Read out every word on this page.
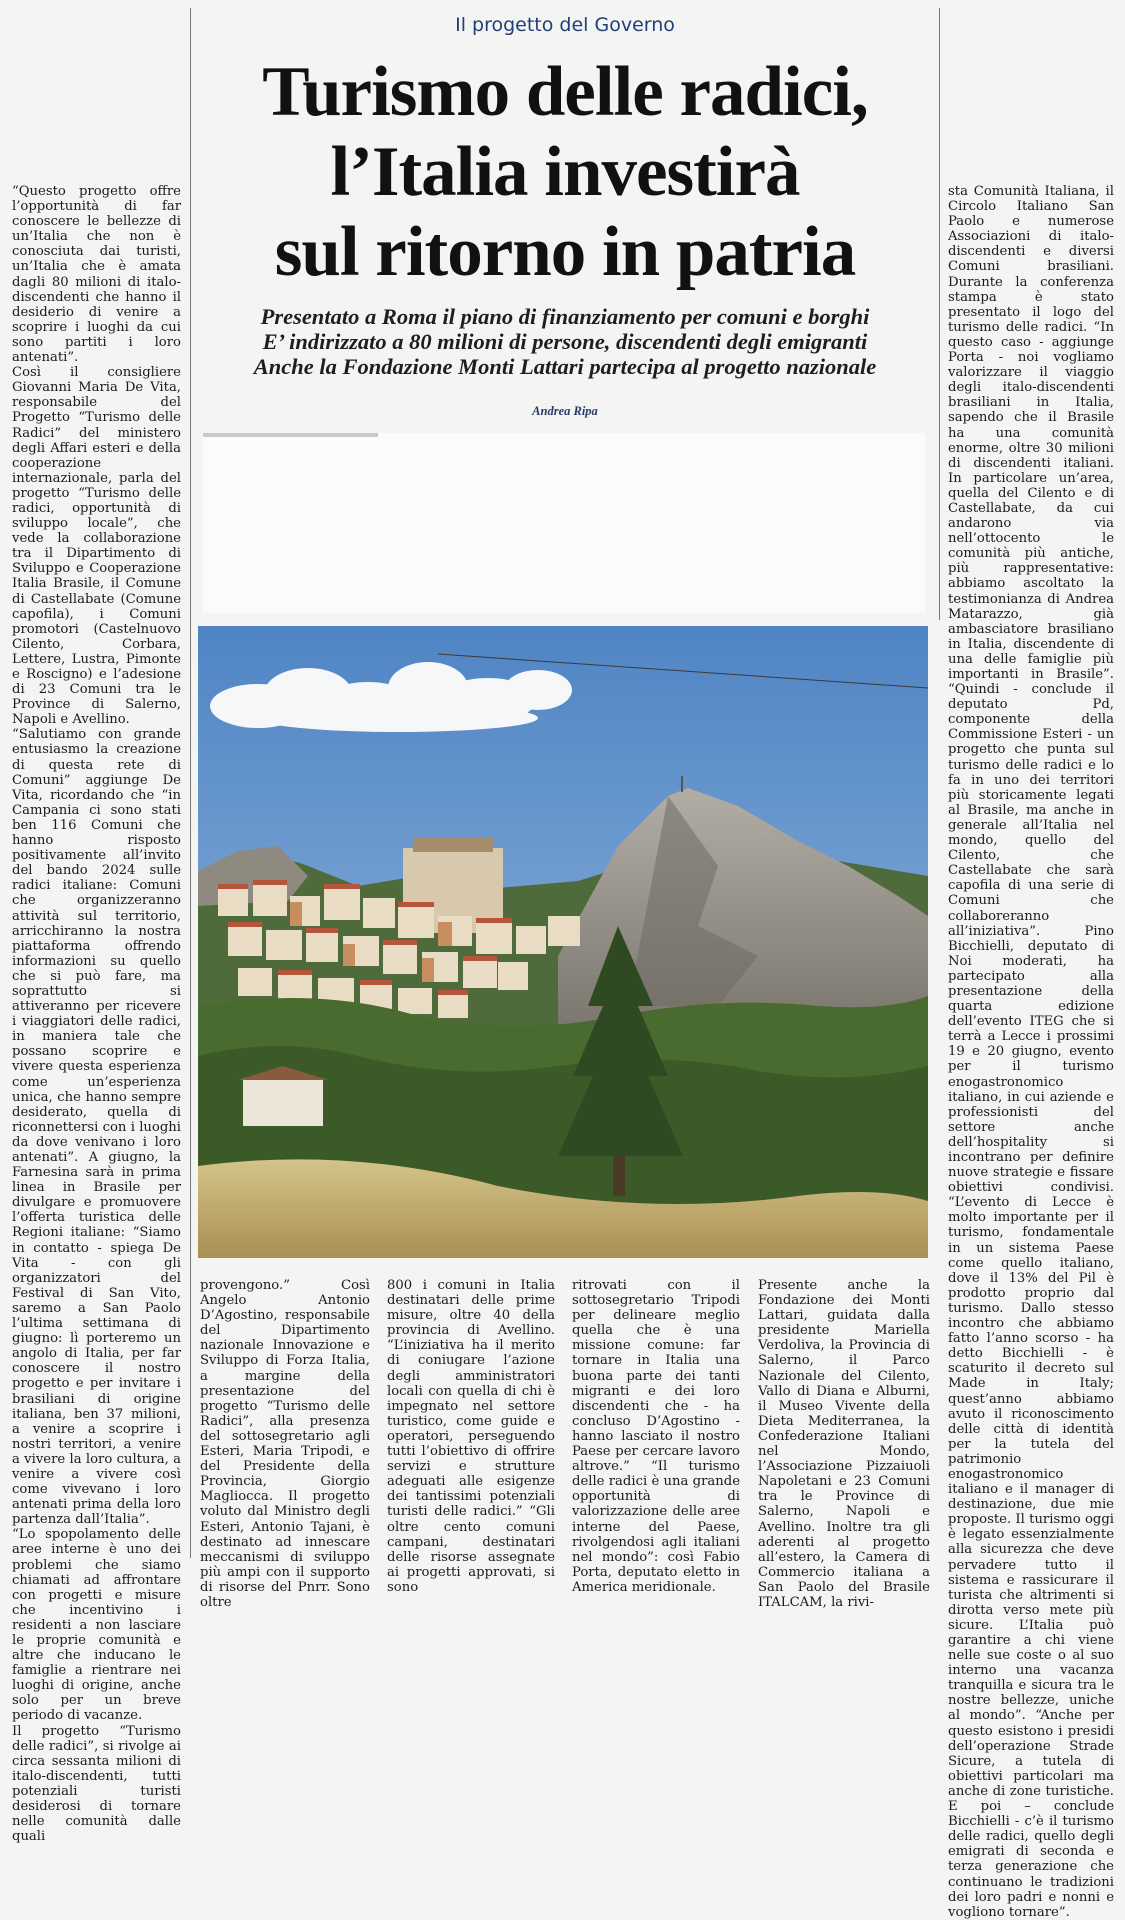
Il progetto del Governo
Turismo delle radici,
l’Italia investirà
sul ritorno in patria
Presentato a Roma il piano di finanziamento per comuni e borghi
E’ indirizzato a 80 milioni di persone, discendenti degli emigranti
Anche la Fondazione Monti Lattari partecipa al progetto nazionale
Andrea Ripa

“Questo progetto offre l’opportunità di far conoscere le bellezze di un’Italia che non è conosciuta dai turisti, un’Italia che è amata dagli 80 milioni di italo-discendenti che hanno il desiderio di venire a scoprire i luoghi da cui sono partiti i loro antenati”.

Così il consigliere Giovanni Maria De Vita, responsabile del Progetto “Turismo delle Radici” del ministero degli Affari esteri e della cooperazione internazionale, parla del progetto “Turismo delle radici, opportunità di sviluppo locale”, che vede la collaborazione tra il Dipartimento di Sviluppo e Cooperazione Italia Brasile, il Comune di Castellabate (Comune capofila), i Comuni promotori (Castelnuovo Cilento, Corbara, Lettere, Lustra, Pimonte e Roscigno) e l’adesione di 23 Comuni tra le Province di Salerno, Napoli e Avellino.

“Salutiamo con grande entusiasmo la creazione di questa rete di Comuni” aggiunge De Vita, ricordando che “in Campania ci sono stati ben 116 Comuni che hanno risposto positivamente all’invito del bando 2024 sulle radici italiane: Comuni che organizzeranno attività sul territorio, arricchiranno la nostra piattaforma offrendo informazioni su quello che si può fare, ma soprattutto si attiveranno per ricevere i viaggiatori delle radici, in maniera tale che possano scoprire e vivere questa esperienza come un’esperienza unica, che hanno sempre desiderato, quella di riconnettersi con i luoghi da dove venivano i loro antenati”. A giugno, la Farnesina sarà in prima linea in Brasile per divulgare e promuovere l’offerta turistica delle Regioni italiane: “Siamo in contatto - spiega De Vita - con gli organizzatori del Festival di San Vito, saremo a San Paolo l’ultima settimana di giugno: lì porteremo un angolo di Italia, per far conoscere il nostro progetto e per invitare i brasiliani di origine italiana, ben 37 milioni, a venire a scoprire i nostri territori, a venire a vivere la loro cultura, a venire a vivere così come vivevano i loro antenati prima della loro partenza dall’Italia”.

“Lo spopolamento delle aree interne è uno dei problemi che siamo chiamati ad affrontare con progetti e misure che incentivino i residenti a non lasciare le proprie comunità e altre che inducano le famiglie a rientrare nei luoghi di origine, anche solo per un breve periodo di vacanze.

Il progetto “Turismo delle radici”, si rivolge ai circa sessanta milioni di italo-discendenti, tutti potenziali turisti desiderosi di tornare nelle comunità dalle quali

sta Comunità Italiana, il Circolo Italiano San Paolo e numerose Associazioni di italo- discendenti e diversi Comuni brasiliani. Durante la conferenza stampa è stato presentato il logo del turismo delle radici. “In questo caso - aggiunge Porta - noi vogliamo valorizzare il viaggio degli italo-discendenti brasiliani in Italia, sapendo che il Brasile ha una comunità enorme, oltre 30 milioni di discendenti italiani. In particolare un’area, quella del Cilento e di Castellabate, da cui andarono via nell’ottocento le comunità più antiche, più rappresentative: abbiamo ascoltato la testimonianza di Andrea Matarazzo, già ambasciatore brasiliano in Italia, discendente di una delle famiglie più importanti in Brasile”. “Quindi - conclude il deputato Pd, componente della Commissione Esteri - un progetto che punta sul turismo delle radici e lo fa in uno dei territori più storicamente legati al Brasile, ma anche in generale all’Italia nel mondo, quello del Cilento, che Castellabate che sarà capofila di una serie di Comuni che collaboreranno all’iniziativa”. Pino Bicchielli, deputato di Noi moderati, ha partecipato alla presentazione della quarta edizione dell’evento ITEG che si terrà a Lecce i prossimi 19 e 20 giugno, evento per il turismo enogastronomico italiano, in cui aziende e professionisti del settore anche dell’hospitality si incontrano per definire nuove strategie e fissare obiettivi condivisi. “L’evento di Lecce è molto importante per il turismo, fondamentale in un sistema Paese come quello italiano, dove il 13% del Pil è prodotto proprio dal turismo. Dallo stesso incontro che abbiamo fatto l’anno scorso - ha detto Bicchielli - è scaturito il decreto sul Made in Italy; quest’anno abbiamo avuto il riconoscimento delle città di identità per la tutela del patrimonio enogastronomico italiano e il manager di destinazione, due mie proposte. Il turismo oggi è legato essenzialmente alla sicurezza che deve pervadere tutto il sistema e rassicurare il turista che altrimenti si dirotta verso mete più sicure. L’Italia può garantire a chi viene nelle sue coste o al suo interno una vacanza tranquilla e sicura tra le nostre bellezze, uniche al mondo”. “Anche per questo esistono i presidi dell’operazione Strade Sicure, a tutela di obiettivi particolari ma anche di zone turistiche. E poi – conclude Bicchielli - c’è il turismo delle radici, quello degli emigrati di seconda e terza generazione che continuano le tradizioni dei loro padri e nonni e vogliono tornare”.

provengono.” Così Angelo Antonio D’Agostino, responsabile del Dipartimento nazionale Innovazione e Sviluppo di Forza Italia, a margine della presentazione del progetto “Turismo delle Radici”, alla presenza del sottosegretario agli Esteri, Maria Tripodi, e del Presidente della Provincia, Giorgio Magliocca. Il progetto voluto dal Ministro degli Esteri, Antonio Tajani, è destinato ad innescare meccanismi di sviluppo più ampi con il supporto di risorse del Pnrr. Sono oltre

800 i comuni in Italia destinatari delle prime misure, oltre 40 della provincia di Avellino. “L’iniziativa ha il merito di coniugare l’azione degli amministratori locali con quella di chi è impegnato nel settore turistico, come guide e operatori, perseguendo tutti l’obiettivo di offrire servizi e strutture adeguati alle esigenze dei tantissimi potenziali turisti delle radici.” “Gli oltre cento comuni campani, destinatari delle risorse assegnate ai progetti approvati, si sono

ritrovati con il sottosegretario Tripodi per delineare meglio quella che è una missione comune: far tornare in Italia una buona parte dei tanti migranti e dei loro discendenti che - ha concluso D’Agostino - hanno lasciato il nostro Paese per cercare lavoro altrove.” “Il turismo delle radici è una grande opportunità di valorizzazione delle aree interne del Paese, rivolgendosi agli italiani nel mondo”: così Fabio Porta, deputato eletto in America meridionale.

Presente anche la Fondazione dei Monti Lattari, guidata dalla presidente Mariella Verdoliva, la Provincia di Salerno, il Parco Nazionale del Cilento, Vallo di Diana e Alburni, il Museo Vivente della Dieta Mediterranea, la Confederazione Italiani nel Mondo, l’Associazione Pizzaiuoli Napoletani e 23 Comuni tra le Province di Salerno, Napoli e Avellino. Inoltre tra gli aderenti al progetto all’estero, la Camera di Commercio italiana a San Paolo del Brasile ITALCAM, la rivi-
